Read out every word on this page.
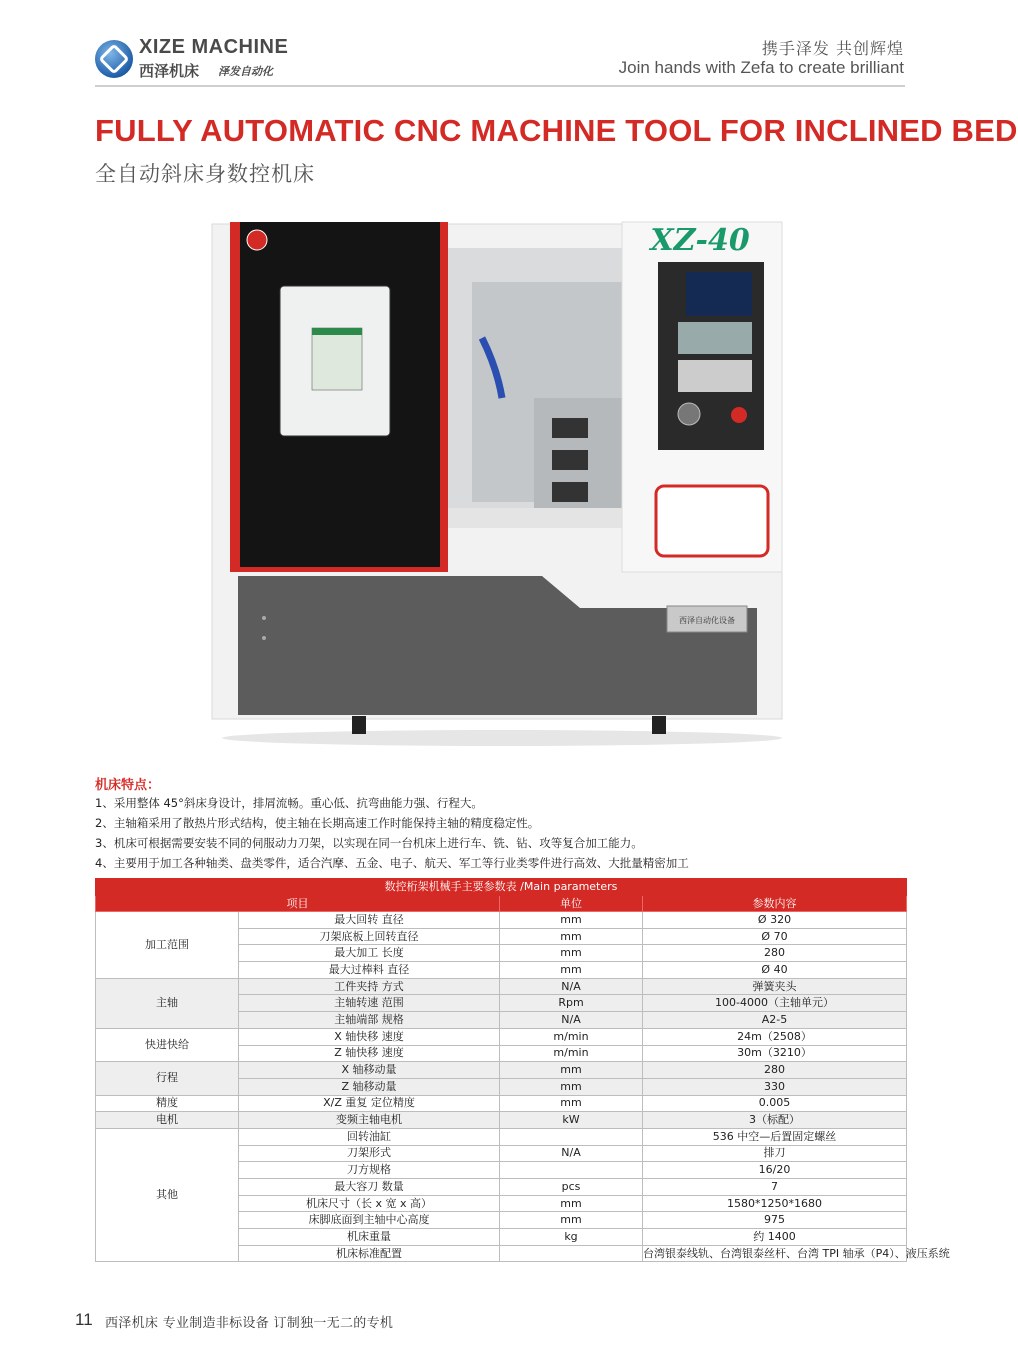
XIZE MACHINE
西泽机床 泽发自动化
携手泽发 共创辉煌
Join hands with Zefa to create brilliant
FULLY AUTOMATIC CNC MACHINE TOOL FOR INCLINED BED
全自动斜床身数控机床
XZ-40
西泽自动化设备
机床特点：
1、采用整体 45°斜床身设计，排屑流畅。重心低、抗弯曲能力强、行程大。
2、主轴箱采用了散热片形式结构，使主轴在长期高速工作时能保持主轴的精度稳定性。
3、机床可根据需要安装不同的伺服动力刀架，以实现在同一台机床上进行车、铣、钻、攻等复合加工能力。
4、主要用于加工各种轴类、盘类零件，适合汽摩、五金、电子、航天、军工等行业类零件进行高效、大批量精密加工
数控桁架机械手主要参数表 /Main parameters			
项目		单位	参数内容
加工范围	最大回转 直径	mm	Ø 320
	刀架底板上回转直径	mm	Ø 70
	最大加工 长度	mm	280
	最大过棒料 直径	mm	Ø 40
主轴	工件夹持 方式	N/A	弹簧夹头
	主轴转速 范围	Rpm	100-4000（主轴单元）
	主轴端部 规格	N/A	A2-5
快进快给	X 轴快移 速度	m/min	24m（2508）
	Z 轴快移 速度	m/min	30m（3210）
行程	X 轴移动量	mm	280
	Z 轴移动量	mm	330
精度	X/Z 重复 定位精度	mm	0.005
电机	变频主轴电机	kW	3（标配）
其他	回转油缸		536 中空—后置固定螺丝
	刀架形式	N/A	排刀
	刀方规格		16/20
	最大容刀 数量	pcs	7
	机床尺寸（长 x 宽 x 高）	mm	1580*1250*1680
	床脚底面到主轴中心高度	mm	975
	机床重量	kg	约 1400
	机床标准配置		台湾银泰线轨、台湾银泰丝杆、台湾 TPI 轴承（P4）、液压系统
11 西泽机床 专业制造非标设备 订制独一无二的专机
